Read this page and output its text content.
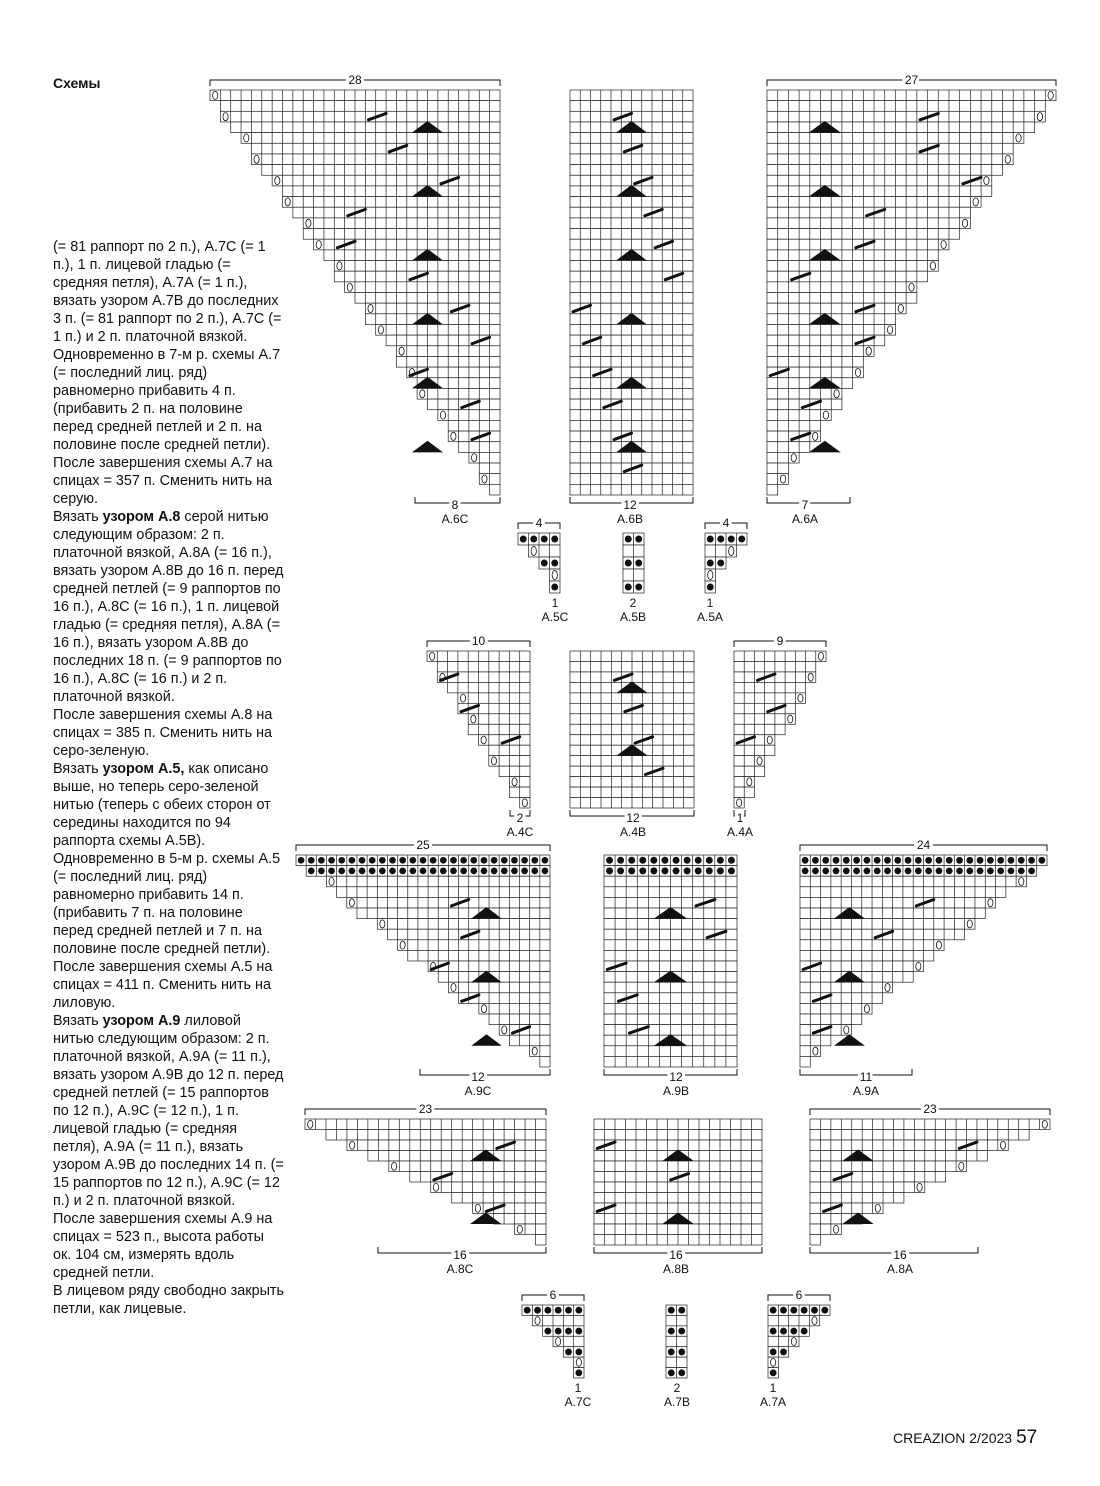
Схемы

(= 81 раппорт по 2 п.), А.7С (= 1 п.), 1 п. лицевой гладью (= средняя петля), А.7А (= 1 п.), вязать узором А.7В до последних 3 п. (= 81 раппорт по 2 п.), А.7С (= 1 п.) и 2 п. платочной вязкой.

Одновременно в 7-м р. схемы А.7 (= последний лиц. ряд) равномерно прибавить 4 п. (прибавить 2 п. на половине перед средней петлей и 2 п. на половине после средней петли).

После завершения схемы А.7 на спицах = 357 п. Сменить нить на серую.

Вязать узором А.8 серой нитью следующим образом: 2 п. платочной вязкой, А.8А (= 16 п.), вязать узором А.8В до 16 п. перед средней петлей (= 9 раппортов по 16 п.), А.8С (= 16 п.), 1 п. лицевой гладью (= средняя петля), А.8А (= 16 п.), вязать узором А.8В до последних 18 п. (= 9 раппортов по 16 п.), А.8С (= 16 п.) и 2 п. платочной вязкой.

После завершения схемы А.8 на спицах = 385 п. Сменить нить на серо-зеленую.

Вязать узором А.5, как описано выше, но теперь серо-зеленой нитью (теперь с обеих сторон от середины находится по 94 раппорта схемы А.5В).

Одновременно в 5-м р. схемы А.5 (= последний лиц. ряд) равномерно прибавить 14 п. (прибавить 7 п. на половине перед средней петлей и 7 п. на половине после средней петли).

После завершения схемы А.5 на спицах = 411 п. Сменить нить на лиловую.

Вязать узором А.9 лиловой нитью следующим образом: 2 п. платочной вязкой, А.9А (= 11 п.), вязать узором А.9В до 12 п. перед средней петлей (= 15 раппортов по 12 п.), А.9С (= 12 п.), 1 п. лицевой гладью (= средняя петля), А.9А (= 11 п.), вязать узором А.9В до последних 14 п. (= 15 раппортов по 12 п.), А.9С (= 12 п.) и 2 п. платочной вязкой.

После завершения схемы А.9 на спицах = 523 п., высота работы ок. 104 см, измерять вдоль средней петли.

В лицевом ряду свободно закрыть петли, как лицевые.

28
8
А.6С
12
А.6В
27
7
А.6А
4
1
А.5С
2
А.5В
4
1
А.5А
10
2
А.4С
12
А.4В
9
1
А.4А
25
12
А.9С
12
А.9В
24
11
А.9А
23
16
А.8С
16
А.8В
23
16
А.8А
6
1
А.7С
2
А.7В
6
1
А.7А
CREAZION 2/2023 57
